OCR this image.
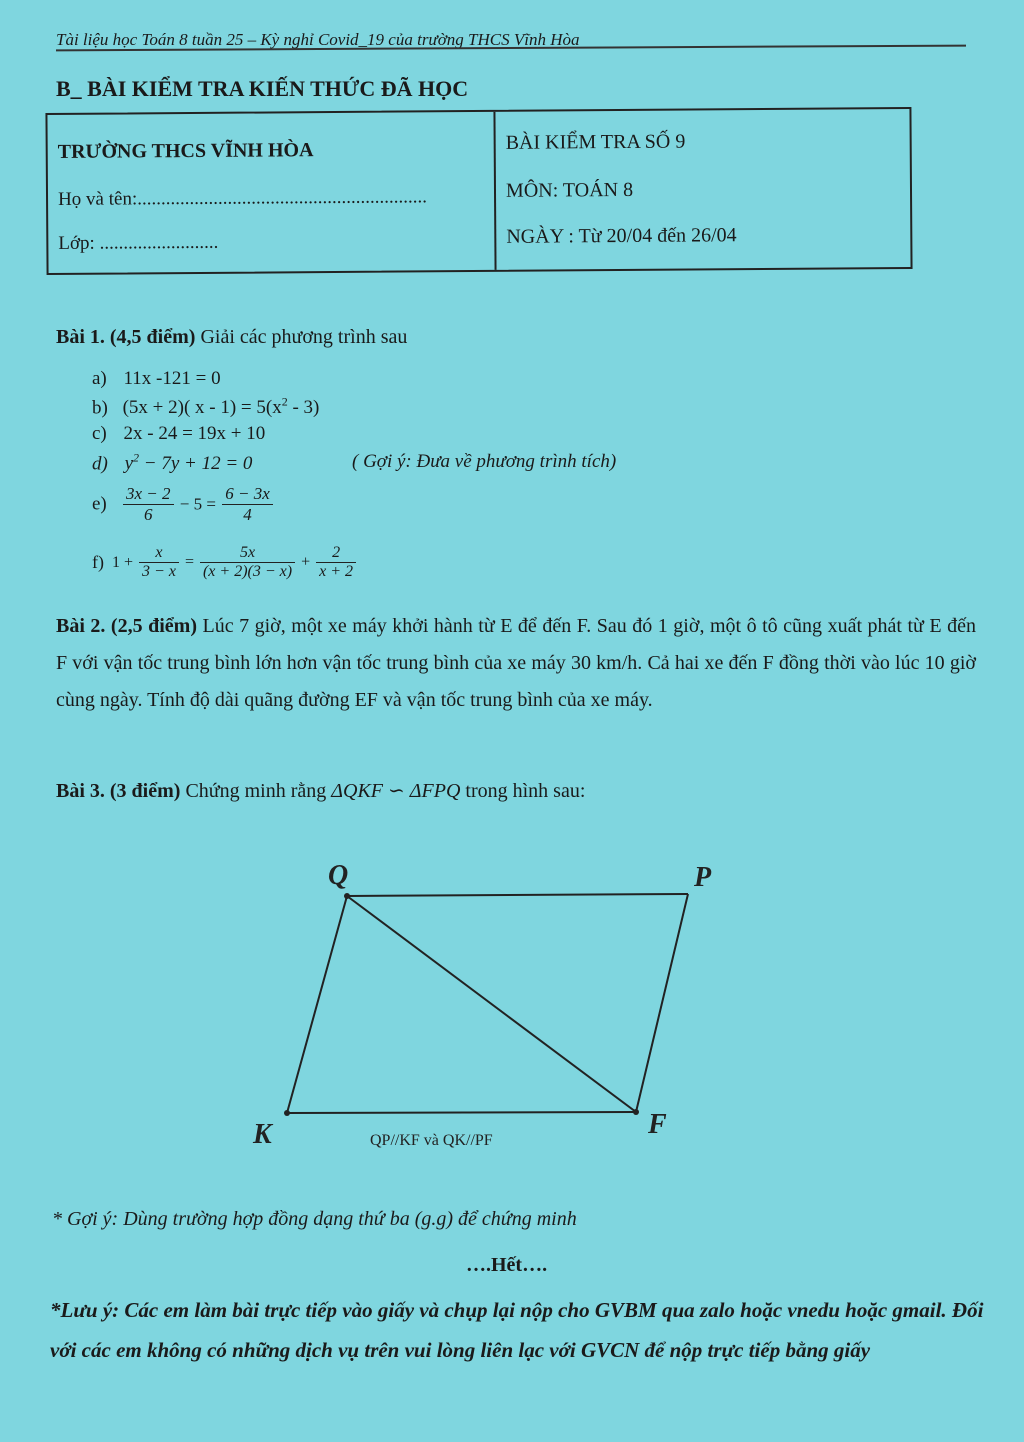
Tài liệu học Toán 8 tuần 25 – Kỳ nghỉ Covid_19 của trường THCS Vĩnh Hòa
B_ BÀI KIỂM TRA KIẾN THỨC ĐÃ HỌC
TRƯỜNG THCS VĨNH HÒA
Họ và tên:.............................................................
Lớp: .........................
BÀI KIỂM TRA SỐ 9
MÔN: TOÁN 8
NGÀY : Từ 20/04 đến 26/04
Bài 1. (4,5 điểm) Giải các phương trình sau
a) 11x -121 = 0
b) (5x + 2)( $x - 1) = 5(x^2 - 3)$
c) 2x - 24 = 19x + 10
d) $y^2 - 7y + 12 = 0$	( Gợi ý: Đưa về phương trình tích)
$e) \frac{3x - 2}{6} - 5 = \frac{6 - 3x}{4}$
f) $1 + \frac{x}{3 - x} = \frac{5x}{(x + 2)(3 - x)} + \frac{2}{x + 2}$
Bài 2. (2,5 điểm) Lúc 7 giờ, một xe máy khởi hành từ E để đến F. Sau đó 1 giờ, một ô tô cũng xuất phát từ E đến F với vận tốc trung bình lớn hơn vận tốc trung bình của xe máy 30 km/h. Cả hai xe đến F đồng thời vào lúc 10 giờ cùng ngày. Tính độ dài quãng đường EF và vận tốc trung bình của xe máy.
Bài 3. (3 điểm) Chứng minh rằng ΔQKF ∽ ΔFPQ trong hình sau:
Q	P
K	F
QP//KF và QK//PF
* Gợi ý: Dùng trường hợp đồng dạng thứ ba (g.g) để chứng minh
….Hết….
*Lưu ý: Các em làm bài trực tiếp vào giấy và chụp lại nộp cho GVBM qua zalo hoặc vnedu hoặc gmail. Đối với các em không có những dịch vụ trên vui lòng liên lạc với GVCN để nộp trực tiếp bằng giấy
